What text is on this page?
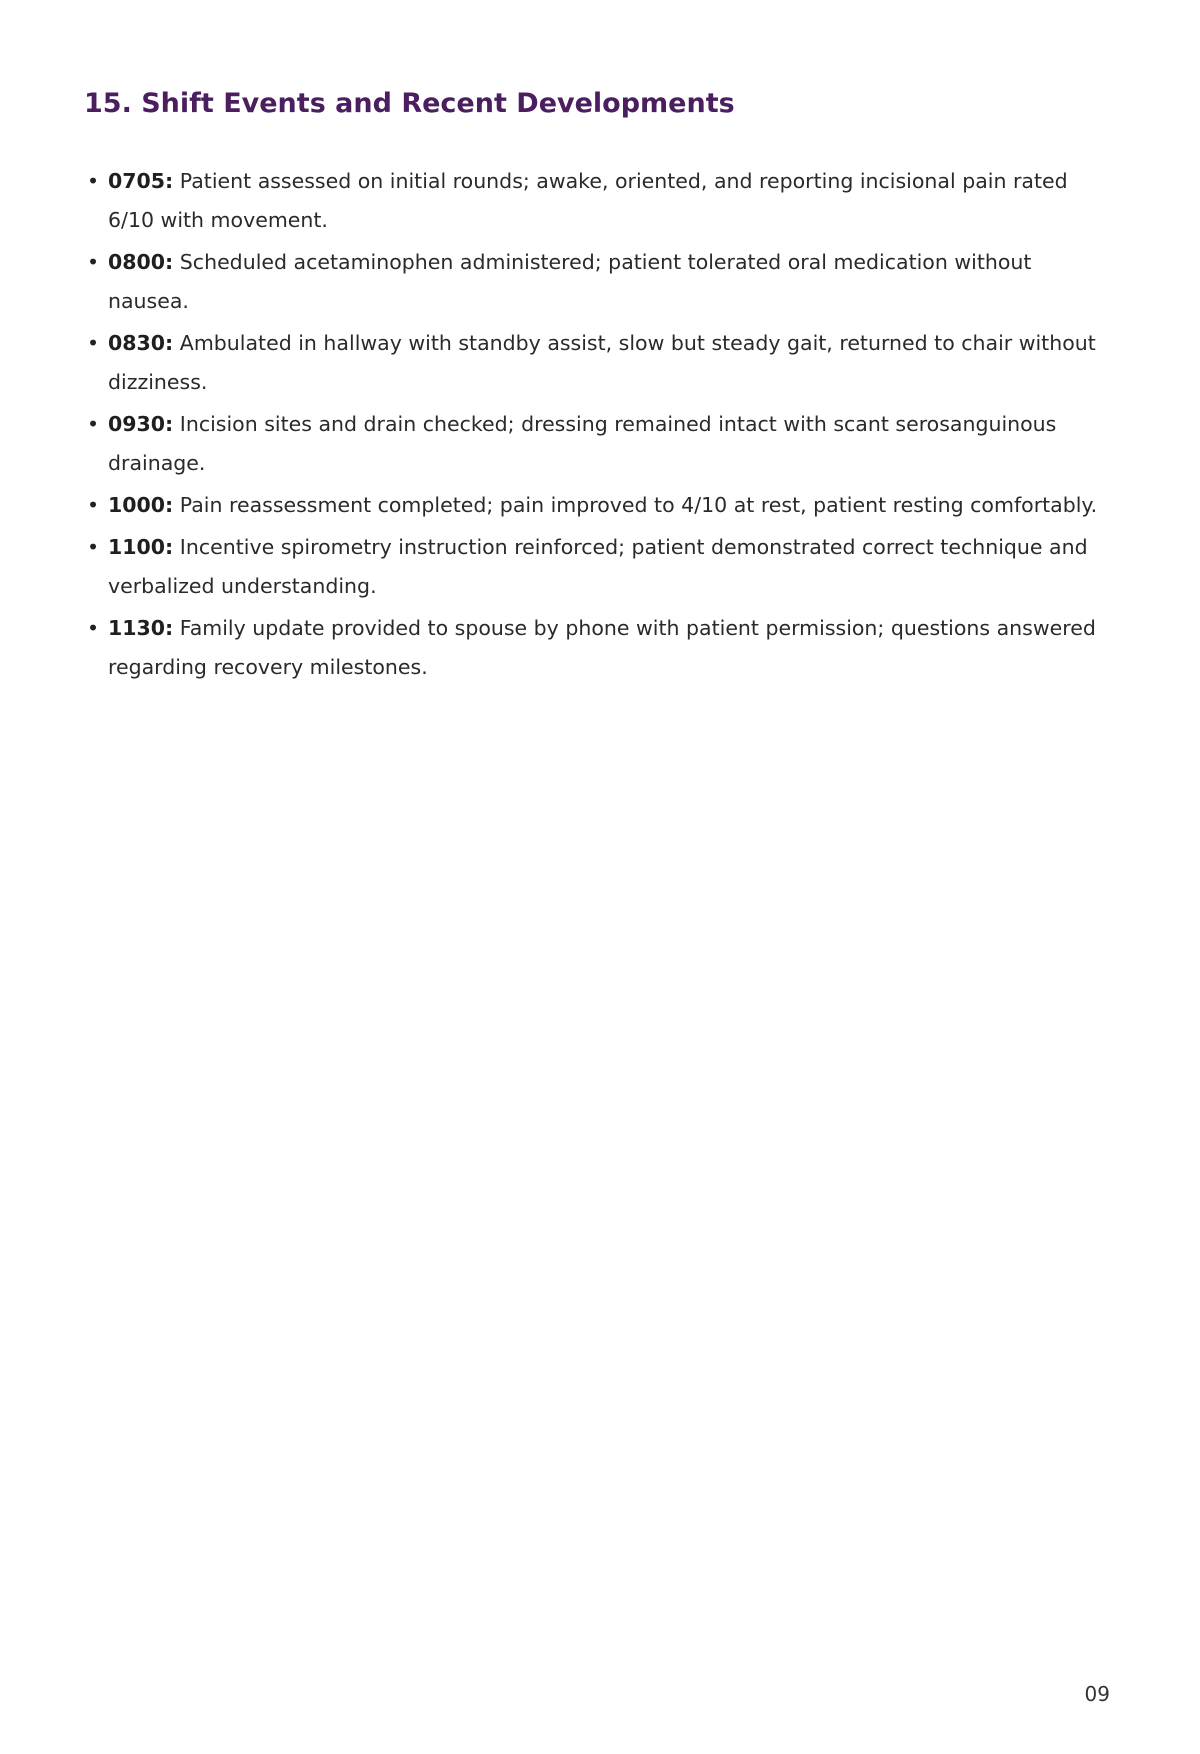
15. Shift Events and Recent Developments
• 0705: Patient assessed on initial rounds; awake, oriented, and reporting incisional pain rated 6/10 with movement.
• 0800: Scheduled acetaminophen administered; patient tolerated oral medication without nausea.
• 0830: Ambulated in hallway with standby assist, slow but steady gait, returned to chair without dizziness.
• 0930: Incision sites and drain checked; dressing remained intact with scant serosanguinous drainage.
• 1000: Pain reassessment completed; pain improved to 4/10 at rest, patient resting comfortably.
• 1100: Incentive spirometry instruction reinforced; patient demonstrated correct technique and verbalized understanding.
• 1130: Family update provided to spouse by phone with patient permission; questions answered regarding recovery milestones.
09
